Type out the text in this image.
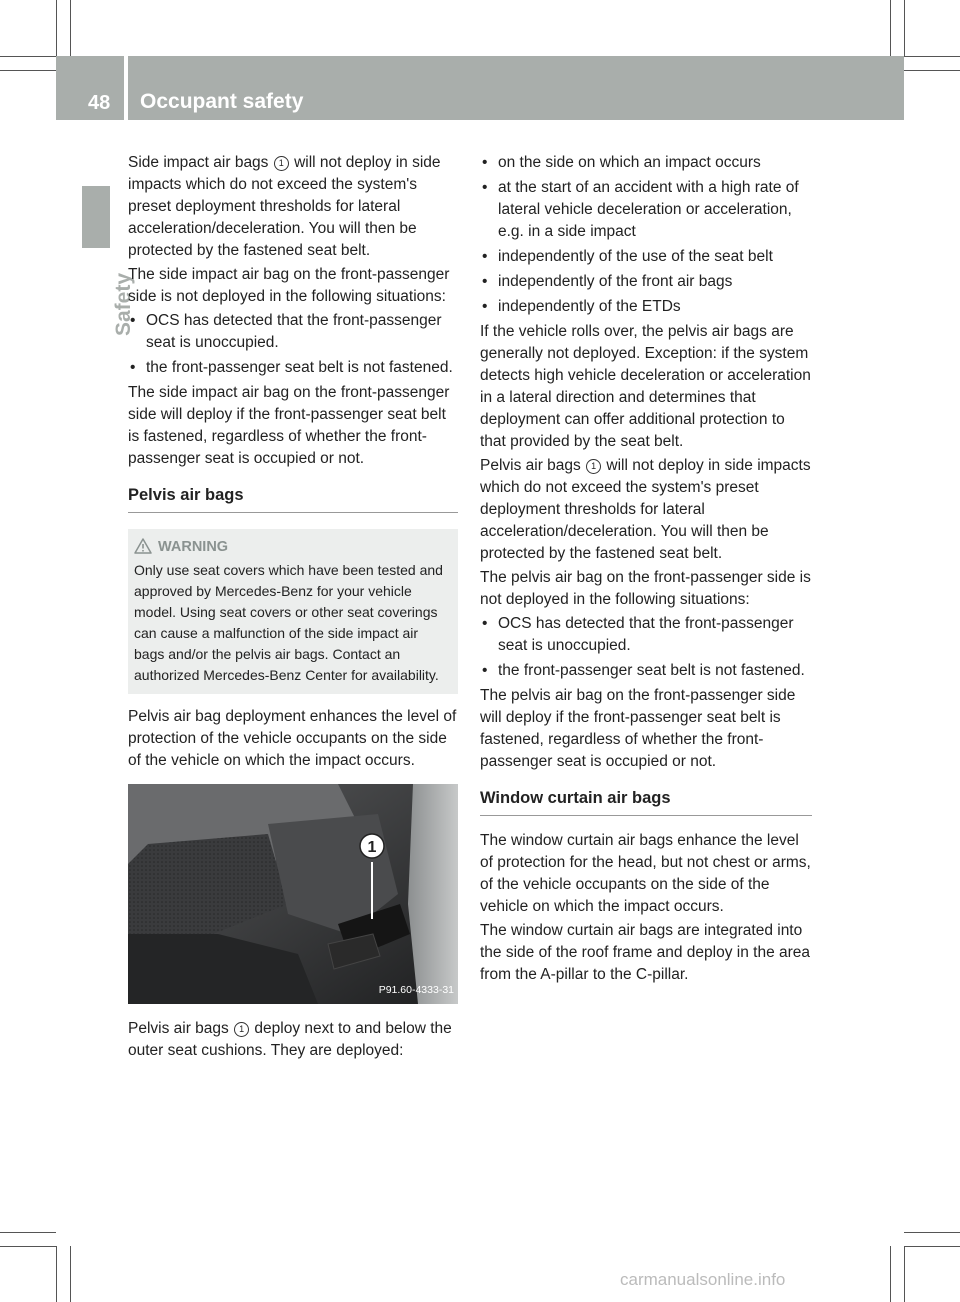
48 Occupant safety
Safety

Side impact air bags 1 will not deploy in side impacts which do not exceed the system's preset deployment thresholds for lateral acceleration/deceleration. You will then be protected by the fastened seat belt.

The side impact air bag on the front-passenger side is not deployed in the following situations:

• OCS has detected that the front-passenger seat is unoccupied.
• the front-passenger seat belt is not fastened.

The side impact air bag on the front-passenger side will deploy if the front-passenger seat belt is fastened, regardless of whether the front-passenger seat is occupied or not.

Pelvis air bags
WARNING
Only use seat covers which have been tested and approved by Mercedes-Benz for your vehicle model. Using seat covers or other seat coverings can cause a malfunction of the side impact air bags and/or the pelvis air bags. Contact an authorized Mercedes-Benz Center for availability.

Pelvis air bag deployment enhances the level of protection of the vehicle occupants on the side of the vehicle on which the impact occurs.

1
P91.60-4333-31

Pelvis air bags 1 deploy next to and below the outer seat cushions. They are deployed:

• on the side on which an impact occurs
• at the start of an accident with a high rate of lateral vehicle deceleration or acceleration, e.g. in a side impact
• independently of the use of the seat belt
• independently of the front air bags
• independently of the ETDs

If the vehicle rolls over, the pelvis air bags are generally not deployed. Exception: if the system detects high vehicle deceleration or acceleration in a lateral direction and determines that deployment can offer additional protection to that provided by the seat belt.

Pelvis air bags 1 will not deploy in side impacts which do not exceed the system's preset deployment thresholds for lateral acceleration/deceleration. You will then be protected by the fastened seat belt.

The pelvis air bag on the front-passenger side is not deployed in the following situations:

• OCS has detected that the front-passenger seat is unoccupied.
• the front-passenger seat belt is not fastened.

The pelvis air bag on the front-passenger side will deploy if the front-passenger seat belt is fastened, regardless of whether the front-passenger seat is occupied or not.

Window curtain air bags

The window curtain air bags enhance the level of protection for the head, but not chest or arms, of the vehicle occupants on the side of the vehicle on which the impact occurs.

The window curtain air bags are integrated into the side of the roof frame and deploy in the area from the A-pillar to the C-pillar.

carmanualsonline.info
